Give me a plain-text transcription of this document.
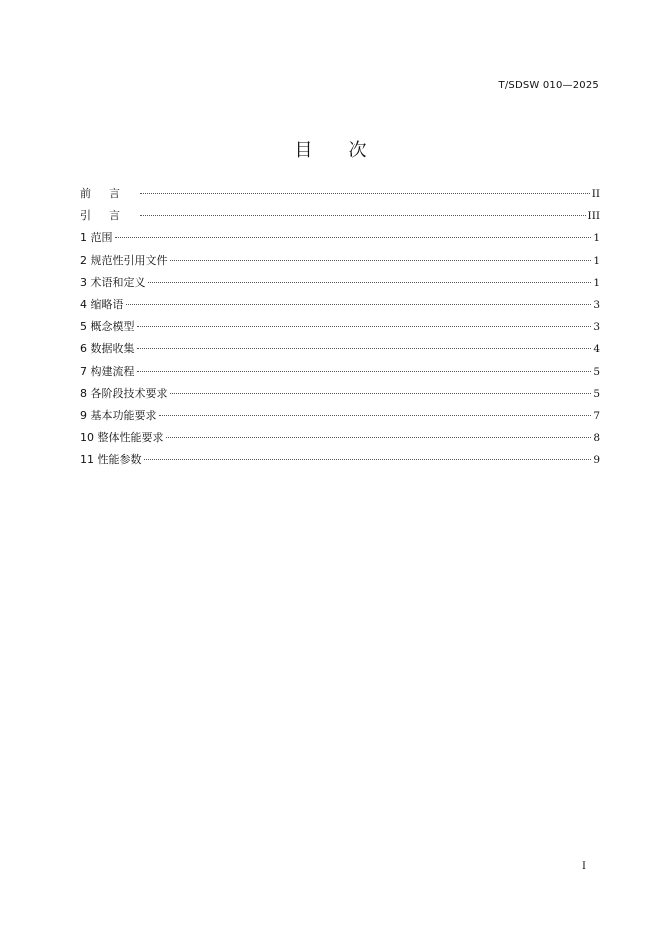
T/SDSW 010—2025
目 次
前言	II
引言	III
1 范围	1
2 规范性引用文件	1
3 术语和定义	1
4 缩略语	3
5 概念模型	3
6 数据收集	4
7 构建流程	5
8 各阶段技术要求	5
9 基本功能要求	7
10 整体性能要求	8
11 性能参数	9
I
